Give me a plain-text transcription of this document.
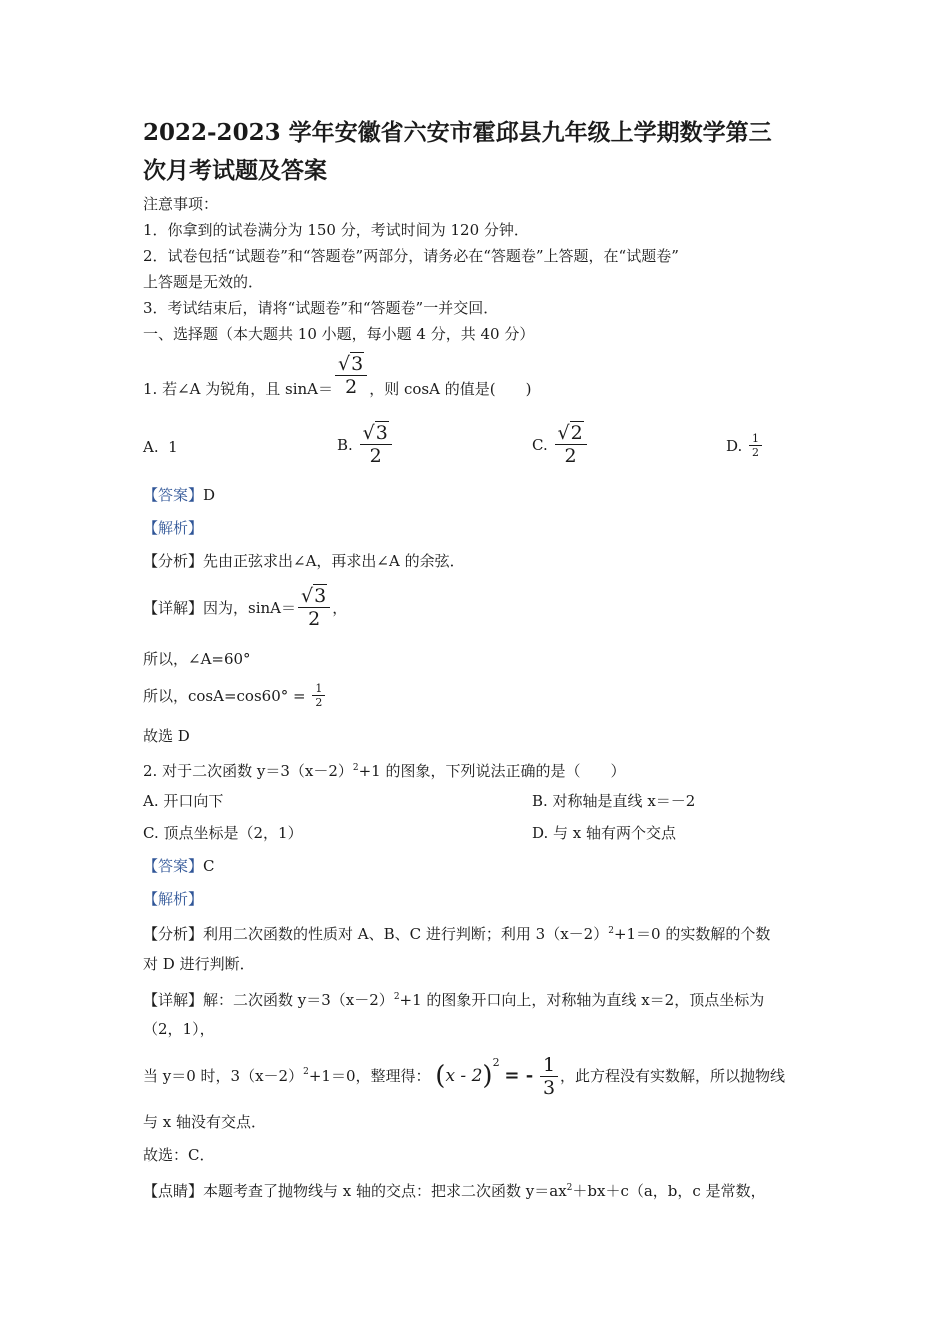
2022-2023 学年安徽省六安市霍邱县九年级上学期数学第三
次月考试题及答案
注意事项：
1．你拿到的试卷满分为 150 分，考试时间为 120 分钟．
2．试卷包括“试题卷”和“答题卷”两部分，请务必在“答题卷”上答题，在“试题卷”
上答题是无效的．
3．考试结束后，请将“试题卷”和“答题卷”一并交回．
一、选择题（本大题共 10 小题，每小题 4 分，共 40 分）
1. 若∠A 为锐角，且 $\sin A= \frac{√3}{2}$ ，则 cosA 的值是(　　)
A. 1	B. $\frac{√3}{2}$	C. $\frac{√2}{2}$	D. $\frac{1}{2}$
【答案】D
【解析】
【分析】先由正弦求出∠A，再求出∠A 的余弦．
【详解】因为，$\sin A= \frac{√3}{2}$ ，
所以，∠A=60°
所以，$\cos A=\cos 60^\circ = \frac{1}{2}$
故选 D
2. 对于二次函数 $y=3(x-2)^2+1$ 的图象，下列说法正确的是（　　）
A. 开口向下	B. 对称轴是直线 x＝－2
C. 顶点坐标是（2，1）	D. 与 x 轴有两个交点
【答案】C
【解析】
【分析】利用二次函数的性质对 A、B、C 进行判断；利用 $3(x-2)^2+1=0$ 的实数解的个数
对 D 进行判断．
【详解】解：二次函数 $y=3(x-2)^2+1$ 的图象开口向上，对称轴为直线 x＝2，顶点坐标为
（2，1），
当 y＝0 时，$3(x-2)^2+1=0$，整理得： (x - 2)$^2$ = - $\frac{1}{3}$ ，此方程没有实数解，所以抛物线
与 x 轴没有交点．
故选：C．
【点睛】本题考查了抛物线与 x 轴的交点：把求二次函数 $y=ax^2+bx+c(a$，b，c 是常数，
